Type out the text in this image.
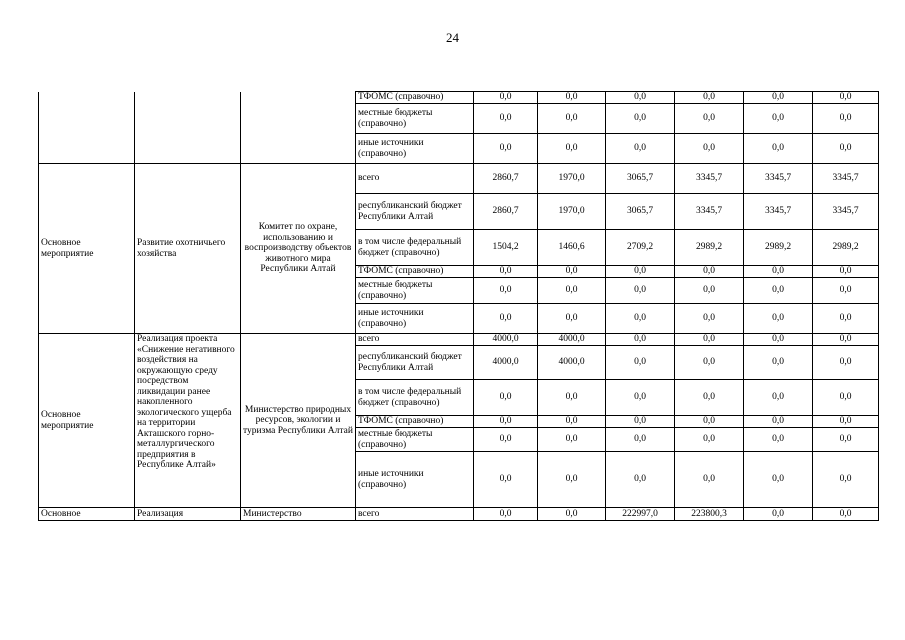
24
			ТФОМС (справочно)	0,0	0,0	0,0	0,0	0,0	0,0
			местные бюджеты (справочно)	0,0	0,0	0,0	0,0	0,0	0,0
			иные источники (справочно)	0,0	0,0	0,0	0,0	0,0	0,0
Основное мероприятие	Развитие охотничьего хозяйства	Комитет по охране, использованию и воспроизводству объектов животного мира Республики Алтай	всего	2860,7	1970,0	3065,7	3345,7	3345,7	3345,7
			республиканский бюджет Республики Алтай	2860,7	1970,0	3065,7	3345,7	3345,7	3345,7
			в том числе федеральный бюджет (справочно)	1504,2	1460,6	2709,2	2989,2	2989,2	2989,2
			ТФОМС (справочно)	0,0	0,0	0,0	0,0	0,0	0,0
			местные бюджеты (справочно)	0,0	0,0	0,0	0,0	0,0	0,0
			иные источники (справочно)	0,0	0,0	0,0	0,0	0,0	0,0
Основное мероприятие	Реализация проекта «Снижение негативного воздействия на окружающую среду посредством ликвидации ранее накопленного экологического ущерба на территории Акташского горно-металлургического предприятия в Республике Алтай»	Министерство природных ресурсов, экологии и туризма Республики Алтай	всего	4000,0	4000,0	0,0	0,0	0,0	0,0
			республиканский бюджет Республики Алтай	4000,0	4000,0	0,0	0,0	0,0	0,0
			в том числе федеральный бюджет (справочно)	0,0	0,0	0,0	0,0	0,0	0,0
			ТФОМС (справочно)	0,0	0,0	0,0	0,0	0,0	0,0
			местные бюджеты (справочно)	0,0	0,0	0,0	0,0	0,0	0,0
			иные источники (справочно)	0,0	0,0	0,0	0,0	0,0	0,0
Основное	Реализация	Министерство	всего	0,0	0,0	222997,0	223800,3	0,0	0,0
